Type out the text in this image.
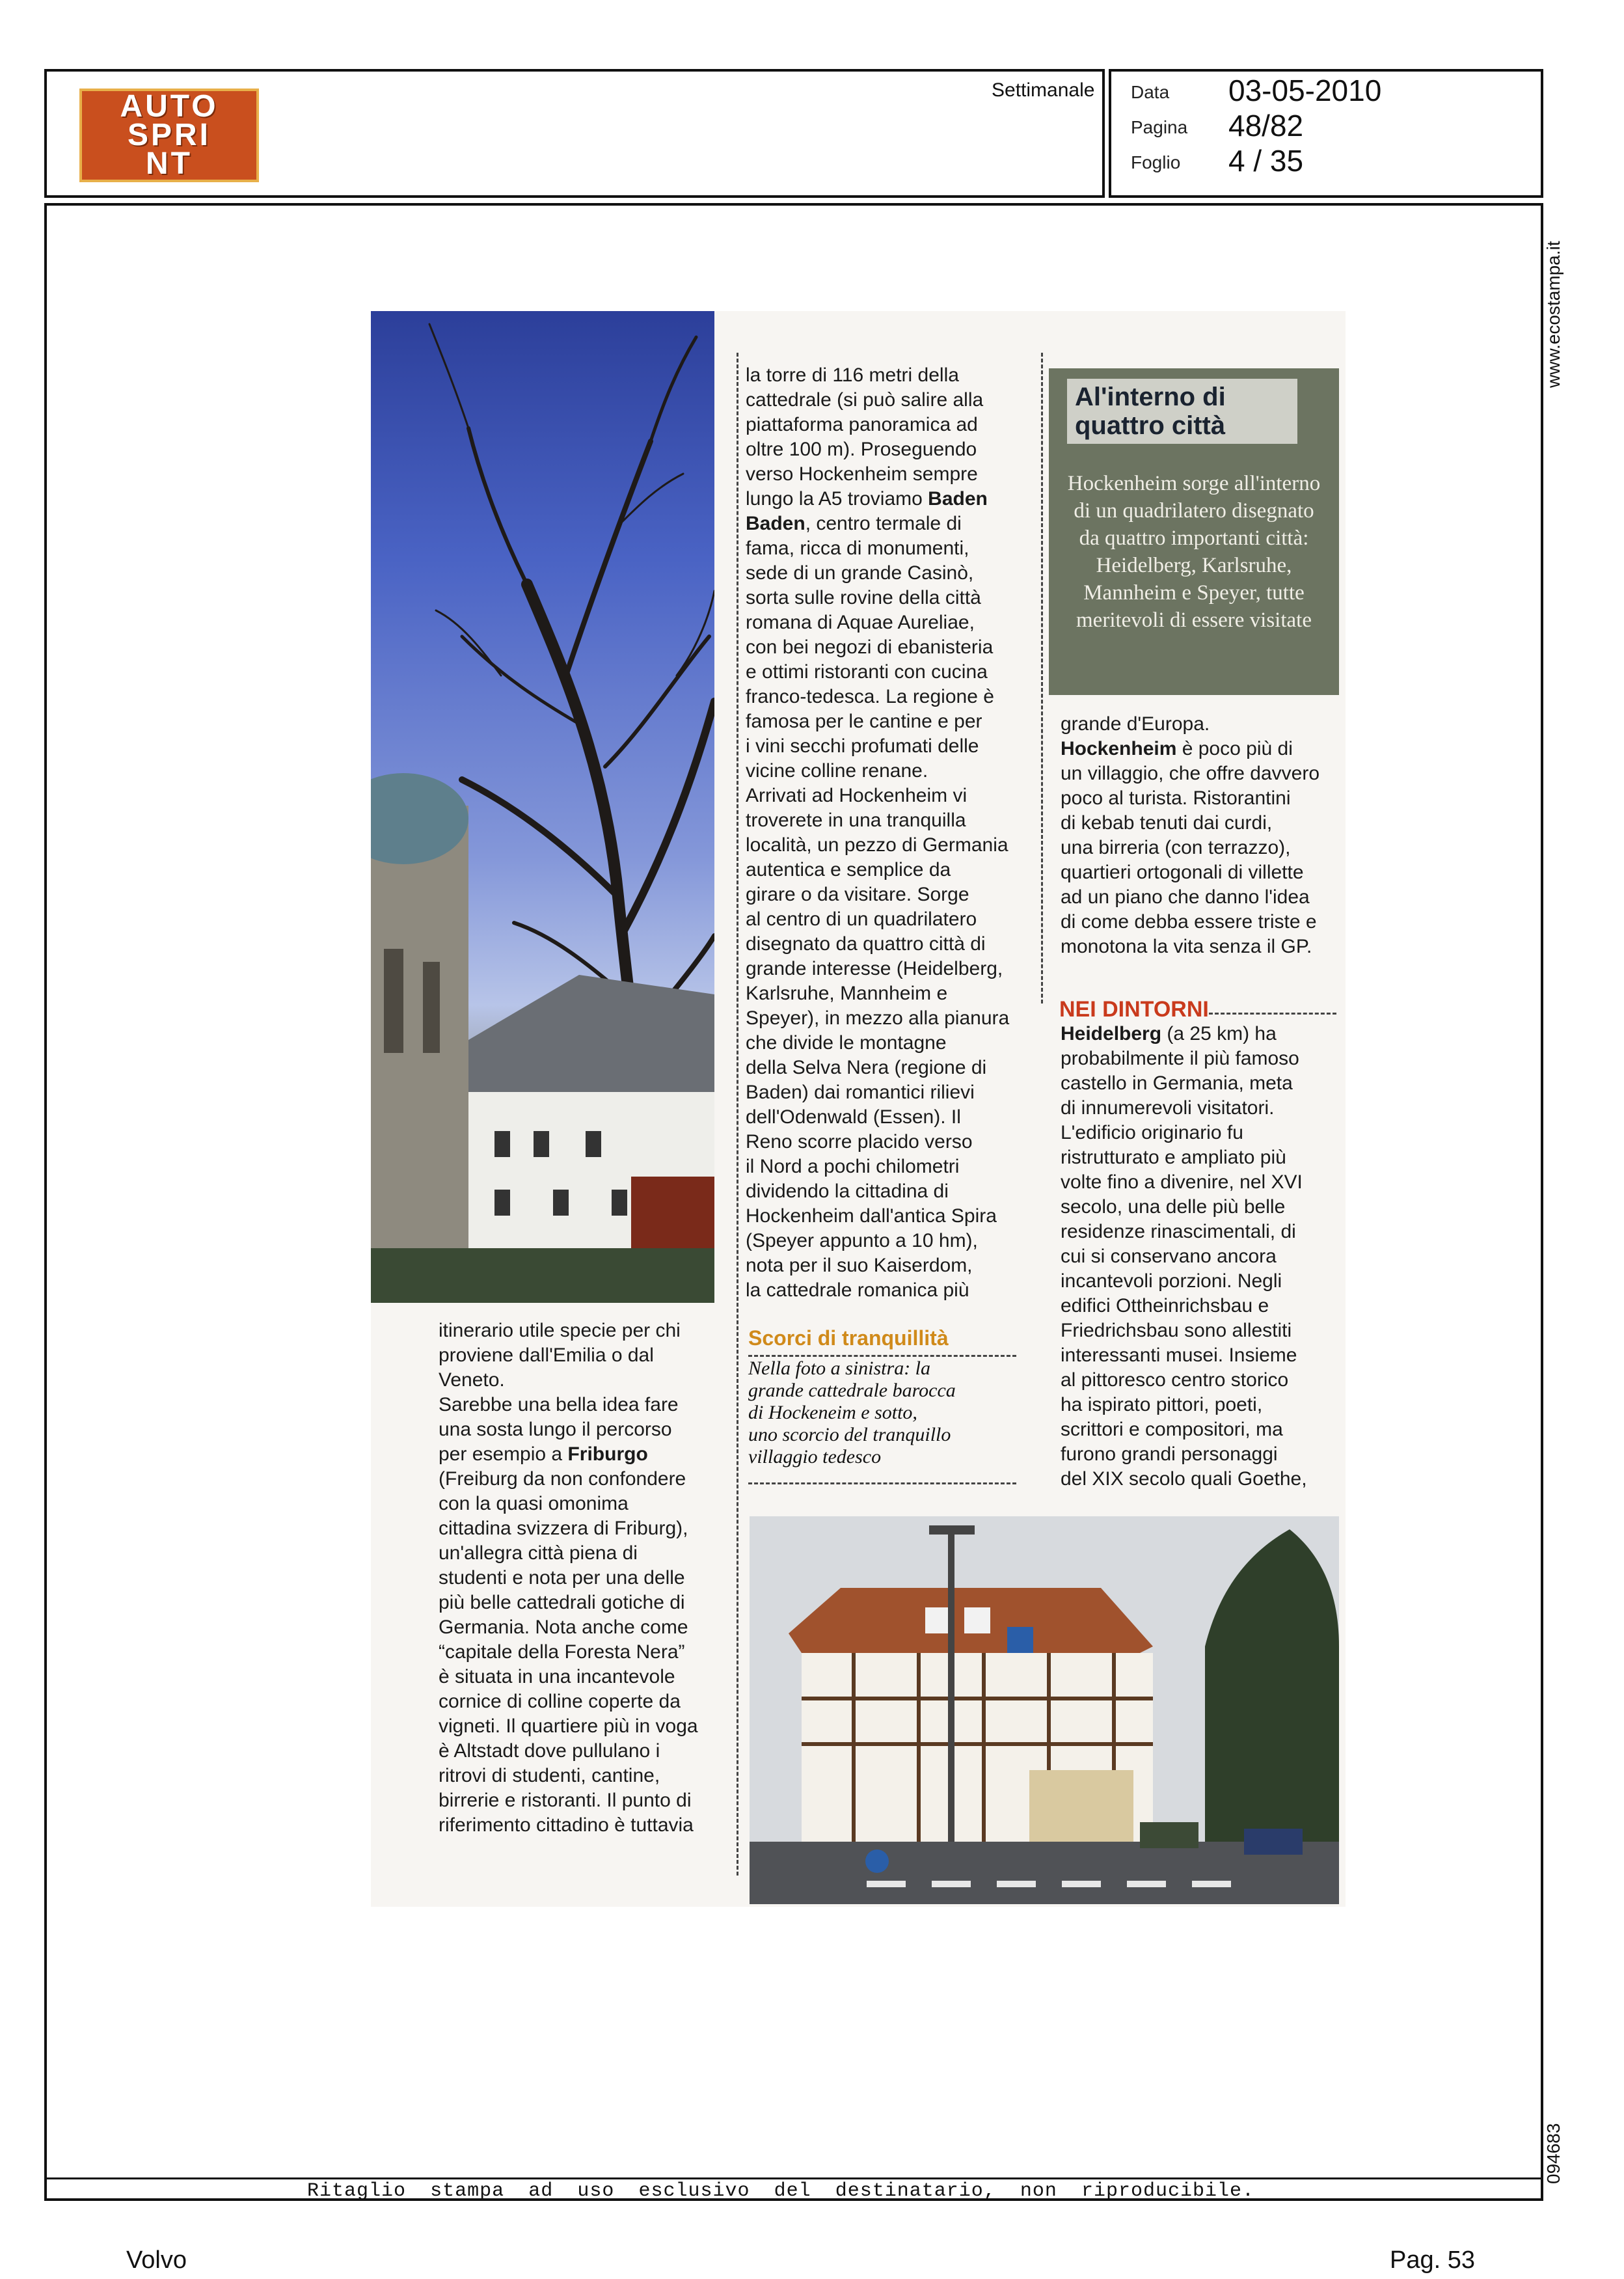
AUTO
SPRI
NT
Settimanale Data
Pagina
Foglio
03-05-2010
48/82
4 / 35
www.ecostampa.it
094683
itinerario utile specie per chi
proviene dall'Emilia o dal
Veneto.
Sarebbe una bella idea fare
una sosta lungo il percorso
per esempio a Friburgo
(Freiburg da non confondere
con la quasi omonima
cittadina svizzera di Friburg),
un'allegra città piena di
studenti e nota per una delle
più belle cattedrali gotiche di
Germania. Nota anche come
“capitale della Foresta Nera”
è situata in una incantevole
cornice di colline coperte da
vigneti. Il quartiere più in voga
è Altstadt dove pullulano i
ritrovi di studenti, cantine,
birrerie e ristoranti. Il punto di
riferimento cittadino è tuttavia
la torre di 116 metri della
cattedrale (si può salire alla
piattaforma panoramica ad
oltre 100 m). Proseguendo
verso Hockenheim sempre
lungo la A5 troviamo Baden
Baden, centro termale di
fama, ricca di monumenti,
sede di un grande Casinò,
sorta sulle rovine della città
romana di Aquae Aureliae,
con bei negozi di ebanisteria
e ottimi ristoranti con cucina
franco-tedesca. La regione è
famosa per le cantine e per
i vini secchi profumati delle
vicine colline renane.
Arrivati ad Hockenheim vi
troverete in una tranquilla
località, un pezzo di Germania
autentica e semplice da
girare o da visitare. Sorge
al centro di un quadrilatero
disegnato da quattro città di
grande interesse (Heidelberg,
Karlsruhe, Mannheim e
Speyer), in mezzo alla pianura
che divide le montagne
della Selva Nera (regione di
Baden) dai romantici rilievi
dell'Odenwald (Essen). Il
Reno scorre placido verso
il Nord a pochi chilometri
dividendo la cittadina di
Hockenheim dall'antica Spira
(Speyer appunto a 10 hm),
nota per il suo Kaiserdom,
la cattedrale romanica più
Al'interno di
quattro città
Hockenheim sorge all'interno di un quadrilatero disegnato da quattro importanti città: Heidelberg, Karlsruhe, Mannheim e Speyer, tutte meritevoli di essere visitate
grande d'Europa.
Hockenheim è poco più di
un villaggio, che offre davvero
poco al turista. Ristorantini
di kebab tenuti dai curdi,
una birreria (con terrazzo),
quartieri ortogonali di villette
ad un piano che danno l'idea
di come debba essere triste e
monotona la vita senza il GP.
NEI DINTORNI
Heidelberg (a 25 km) ha
probabilmente il più famoso
castello in Germania, meta
di innumerevoli visitatori.
L'edificio originario fu
ristrutturato e ampliato più
volte fino a divenire, nel XVI
secolo, una delle più belle
residenze rinascimentali, di
cui si conservano ancora
incantevoli porzioni. Negli
edifici Ottheinrichsbau e
Friedrichsbau sono allestiti
interessanti musei. Insieme
al pittoresco centro storico
ha ispirato pittori, poeti,
scrittori e compositori, ma
furono grandi personaggi
del XIX secolo quali Goethe,
Scorci di tranquillità
Nella foto a sinistra: la
grande cattedrale barocca
di Hockeneim e sotto,
uno scorcio del tranquillo
villaggio tedesco
Ritaglio stampa ad uso esclusivo del destinatario, non riproducibile.
Volvo	Pag. 53
